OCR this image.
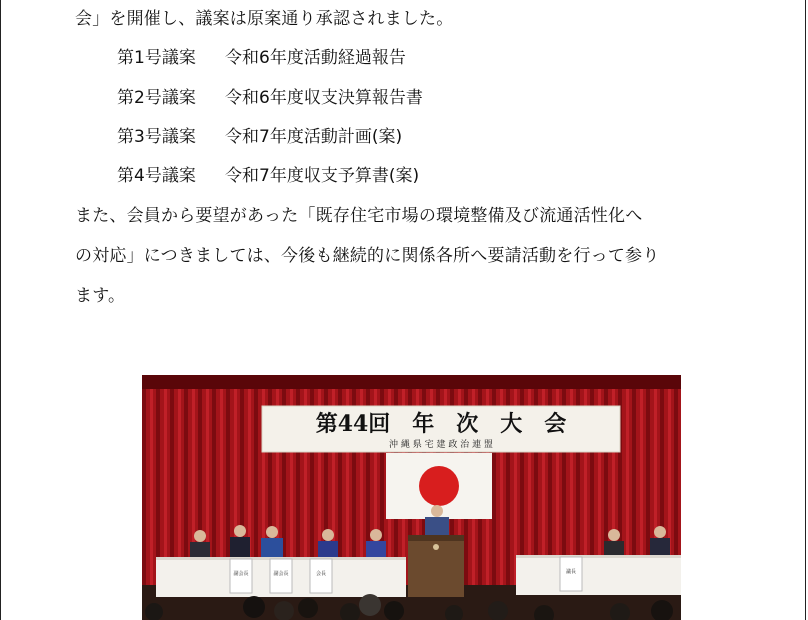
会」を開催し、議案は原案通り承認されました。
第1号議案 令和6年度活動経過報告
第2号議案 令和6年度収支決算報告書
第3号議案 令和7年度活動計画(案)
第4号議案 令和7年度収支予算書(案)
また、会員から要望があった「既存住宅市場の環境整備及び流通活性化へ
の対応」につきましては、今後も継続的に関係各所へ要請活動を行って参り
ます。
第44回　年　次　大　会
沖 縄 県 宅 建 政 治 連 盟
副会長	副会長	会長	議長
